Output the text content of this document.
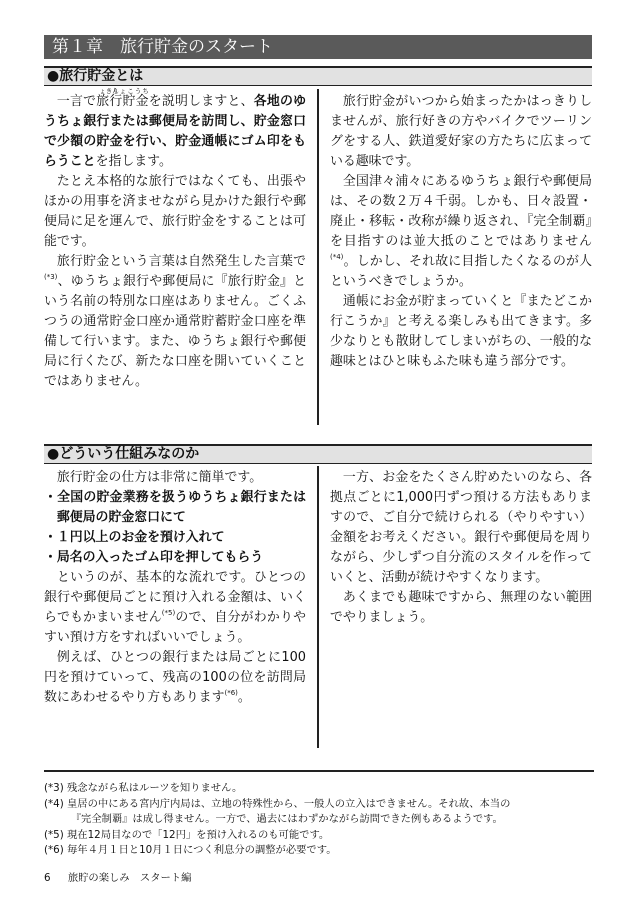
第１章　旅行貯金のスタート
●旅行貯金とは

一言で
りょこうちょきん
旅行貯金を説明しますと、各地のゆうちょ銀行または郵便局を訪問し、貯金窓口で少額の貯金を行い、貯金通帳にゴム印をもらうことを指します。

たとえ本格的な旅行ではなくても、出張やほかの用事を済ませながら見かけた銀行や郵便局に足を運んで、旅行貯金をすることは可能です。

旅行貯金という言葉は自然発生した言葉で$^{(*3)}$、ゆうちょ銀行や郵便局に『旅行貯金』という名前の特別な口座はありません。ごくふつうの通常貯金口座か通常貯蓄貯金口座を準備して行います。また、ゆうちょ銀行や郵便局に行くたび、新たな口座を開いていくことではありません。

旅行貯金がいつから始まったかはっきりしませんが、旅行好きの方やバイクでツーリングをする人、鉄道愛好家の方たちに広まっている趣味です。

全国津々浦々にあるゆうちょ銀行や郵便局は、その数２万４千弱。しかも、日々設置・廃止・移転・改称が繰り返され、『完全制覇』を目指すのは並大抵のことではありません$^{(*4)}$。しかし、それ故に目指したくなるのが人というべきでしょうか。

通帳にお金が貯まっていくと『またどこか行こうか』と考える楽しみも出てきます。多少なりとも散財してしまいがちの、一般的な趣味とはひと味もふた味も違う部分です。

●どういう仕組みなのか

旅行貯金の仕方は非常に簡単です。

・全国の貯金業務を扱うゆうちょ銀行または郵便局の貯金窓口にて

・１円以上のお金を預け入れて

・局名の入ったゴム印を押してもらう

というのが、基本的な流れです。ひとつの銀行や郵便局ごとに預け入れる金額は、いくらでもかまいません$^{(*5)}$ので、自分がわかりやすい預け方をすればいいでしょう。

例えば、ひとつの銀行または局ごとに100円を預けていって、残高の100の位を訪問局数にあわせるやり方もあります$^{(*6)}$。

一方、お金をたくさん貯めたいのなら、各拠点ごとに1,000円ずつ預ける方法もありますので、ご自分で続けられる（やりやすい）金額をお考えください。銀行や郵便局を周りながら、少しずつ自分流のスタイルを作っていくと、活動が続けやすくなります。

あくまでも趣味ですから、無理のない範囲でやりましょう。

(*3) 残念ながら私はルーツを知りません。
(*4) 皇居の中にある宮内庁内局は、立地の特殊性から、一般人の立入はできません。それ故、本当の
『完全制覇』は成し得ません。一方で、過去にはわずかながら訪問できた例もあるようです。
(*5) 現在12局目なので「12円」を預け入れるのも可能です。
(*6) 毎年４月１日と10月１日につく利息分の調整が必要です。
6 旅貯の楽しみ　スタート編
